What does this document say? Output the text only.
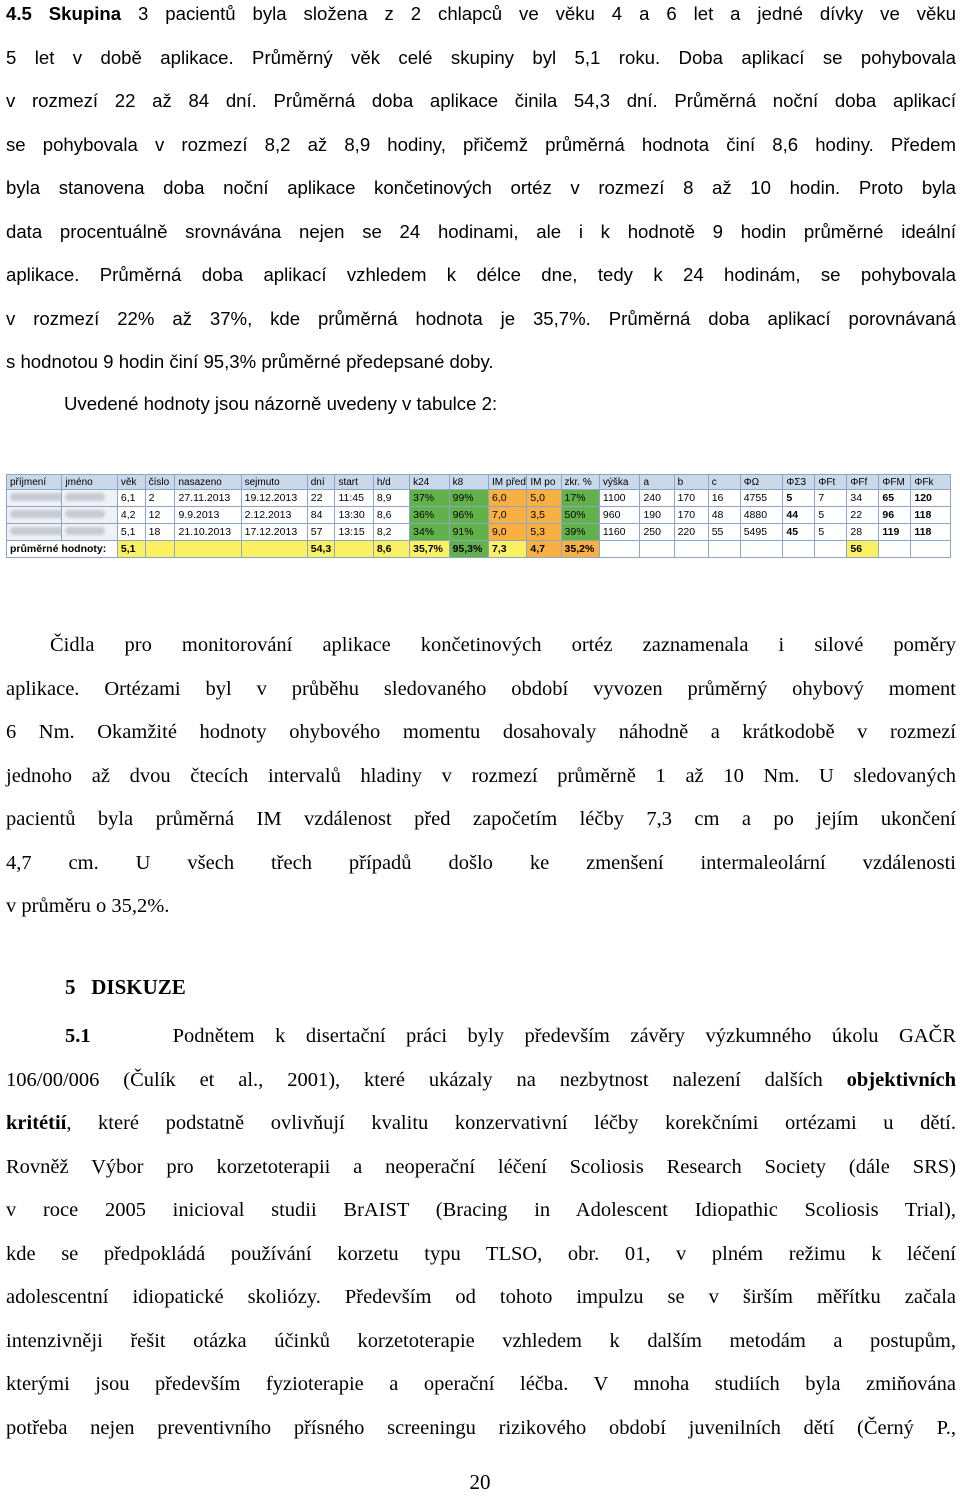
4.5 Skupina 3 pacientů byla složena z 2 chlapců ve věku 4 a 6 let a jedné dívky ve věku
5 let v době aplikace. Průměrný věk celé skupiny byl 5,1 roku. Doba aplikací se pohybovala
v rozmezí 22 až 84 dní. Průměrná doba aplikace činila 54,3 dní. Průměrná noční doba aplikací
se pohybovala v rozmezí 8,2 až 8,9 hodiny, přičemž průměrná hodnota činí 8,6 hodiny. Předem
byla stanovena doba noční aplikace končetinových ortéz v rozmezí 8 až 10 hodin. Proto byla
data procentuálně srovnávána nejen se 24 hodinami, ale i k hodnotě 9 hodin průměrné ideální
aplikace. Průměrná doba aplikací vzhledem k délce dne, tedy k 24 hodinám, se pohybovala
v rozmezí 22% až 37%, kde průměrná hodnota je 35,7%. Průměrná doba aplikací porovnávaná
s hodnotou 9 hodin činí 95,3% průměrné předepsané doby.
Uvedené hodnoty jsou názorně uvedeny v tabulce 2:
příjmení	jméno	věk	číslo	nasazeno	sejmuto	dní	start	h/d	k24	k8	IM před	IM po	zkr. %	výška	a	b	c	ΦΩ	ΦΣ3	ΦFt	ΦFf	ΦFM	ΦFk
		6,1	2	27.11.2013	19.12.2013	22	11:45	8,9	37%	99%	6,0	5,0	17%	1100	240	170	16	4755	5	7	34	65	120
		4,2	12	9.9.2013	2.12.2013	84	13:30	8,6	36%	96%	7,0	3,5	50%	960	190	170	48	4880	44	5	22	96	118
		5,1	18	21.10.2013	17.12.2013	57	13:15	8,2	34%	91%	9,0	5,3	39%	1160	250	220	55	5495	45	5	28	119	118
průměrné hodnoty:		5,1				54,3		8,6	35,7%	95,3%	7,3	4,7	35,2%								56		
Čidla pro monitorování aplikace končetinových ortéz zaznamenala i silové poměry
aplikace. Ortézami byl v průběhu sledovaného období vyvozen průměrný ohybový moment
6 Nm. Okamžité hodnoty ohybového momentu dosahovaly náhodně a krátkodobě v rozmezí
jednoho až dvou čtecích intervalů hladiny v rozmezí průměrně 1 až 10 Nm. U sledovaných
pacientů byla průměrná IM vzdálenost před započetím léčby 7,3 cm a po jejím ukončení
4,7 cm. U všech třech případů došlo ke zmenšení intermaleolární vzdálenosti
v průměru o 35,2%.
5 DISKUZE
5.1	Podnětem k disertační práci byly především závěry výzkumného úkolu GAČR
106/00/006 (Čulík et al., 2001), které ukázaly na nezbytnost nalezení dalších objektivních
kritétií, které podstatně ovlivňují kvalitu konzervativní léčby korekčními ortézami u dětí.
Rovněž Výbor pro korzetoterapii a neoperační léčení Scoliosis Research Society (dále SRS)
v roce 2005 inicioval studii BrAIST (Bracing in Adolescent Idiopathic Scoliosis Trial),
kde se předpokládá používání korzetu typu TLSO, obr. 01, v plném režimu k léčení
adolescentní idiopatické skoliózy. Především od tohoto impulzu se v širším měřítku začala
intenzivněji řešit otázka účinků korzetoterapie vzhledem k dalším metodám a postupům,
kterými jsou především fyzioterapie a operační léčba. V mnoha studiích byla zmiňována
potřeba nejen preventivního přísného screeningu rizikového období juvenilních dětí (Černý P.,
20
